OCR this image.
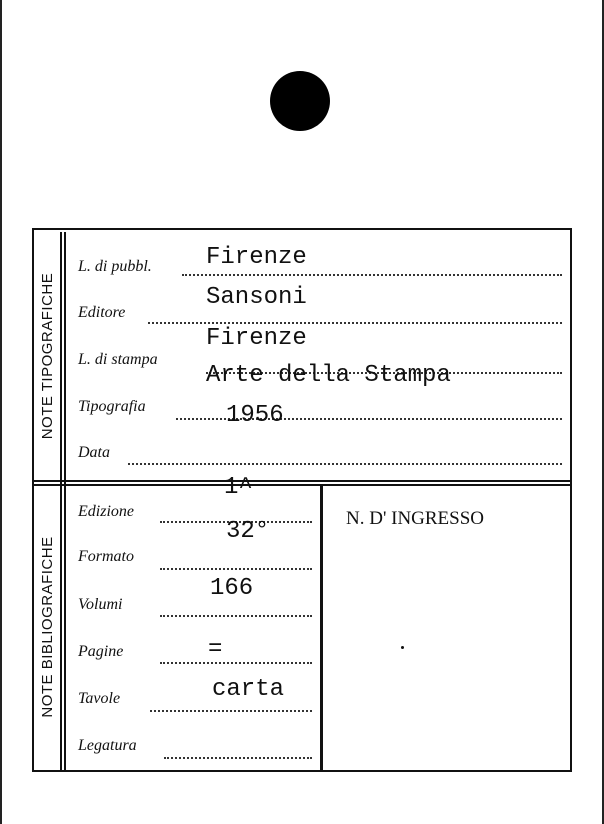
NOTE TIPOGRAFICHE
NOTE BIBLIOGRAFICHE
L. di pubbl. Firenze
Editore
Sansoni
L. di stampa
Firenze
Tipografia
Arte della Stampa
Data
1956
Edizione
1^
Formato
32°
Volumi
166
Pagine	=
Tavole	carta
Legatura
N. D' INGRESSO
